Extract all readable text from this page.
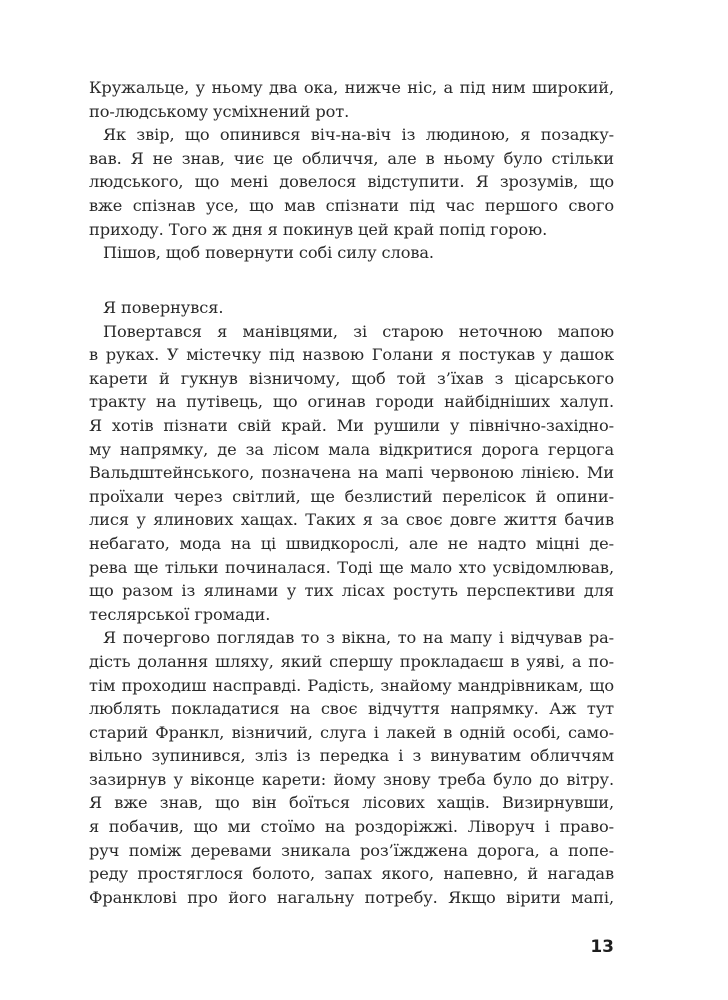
Кружальце, у ньому два ока, нижче ніс, а під ним широкий,
по-людському усміхнений рот.
Як звір, що опинився віч-на-віч із людиною, я позадку-
вав. Я не знав, чиє це обличчя, але в ньому було стільки
людського, що мені довелося відступити. Я зрозумів, що
вже спізнав усе, що мав спізнати під час першого свого
приходу. Того ж дня я покинув цей край попід горою.
Пішов, щоб повернути собі силу слова.
Я повернувся.
Повертався я манівцями, зі старою неточною мапою
в руках. У містечку під назвою Голани я постукав у дашок
карети й гукнув візничому, щоб той з’їхав з цісарського
тракту на путівець, що огинав городи найбідніших халуп.
Я хотів пізнати свій край. Ми рушили у північно-західно-
му напрямку, де за лісом мала відкритися дорога герцога
Вальдштейнського, позначена на мапі червоною лінією. Ми
проїхали через світлий, ще безлистий перелісок й опини-
лися у ялинових хащах. Таких я за своє довге життя бачив
небагато, мода на ці швидкорослі, але не надто міцні де-
рева ще тільки починалася. Тоді ще мало хто усвідомлював,
що разом із ялинами у тих лісах ростуть перспективи для
теслярської громади.
Я почергово поглядав то з вікна, то на мапу і відчував ра-
дість долання шляху, який спершу прокладаєш в уяві, а по-
тім проходиш насправді. Радість, знайому мандрівникам, що
люблять покладатися на своє відчуття напрямку. Аж тут
старий Франкл, візничий, слуга і лакей в одній особі, само-
вільно зупинився, зліз із передка і з винуватим обличчям
зазирнув у віконце карети: йому знову треба було до вітру.
Я вже знав, що він боїться лісових хащів. Визирнувши,
я побачив, що ми стоїмо на роздоріжжі. Ліворуч і право-
руч поміж деревами зникала роз’їжджена дорога, а попе-
реду простяглося болото, запах якого, напевно, й нагадав
Франклові про його нагальну потребу. Якщо вірити мапі,
13
